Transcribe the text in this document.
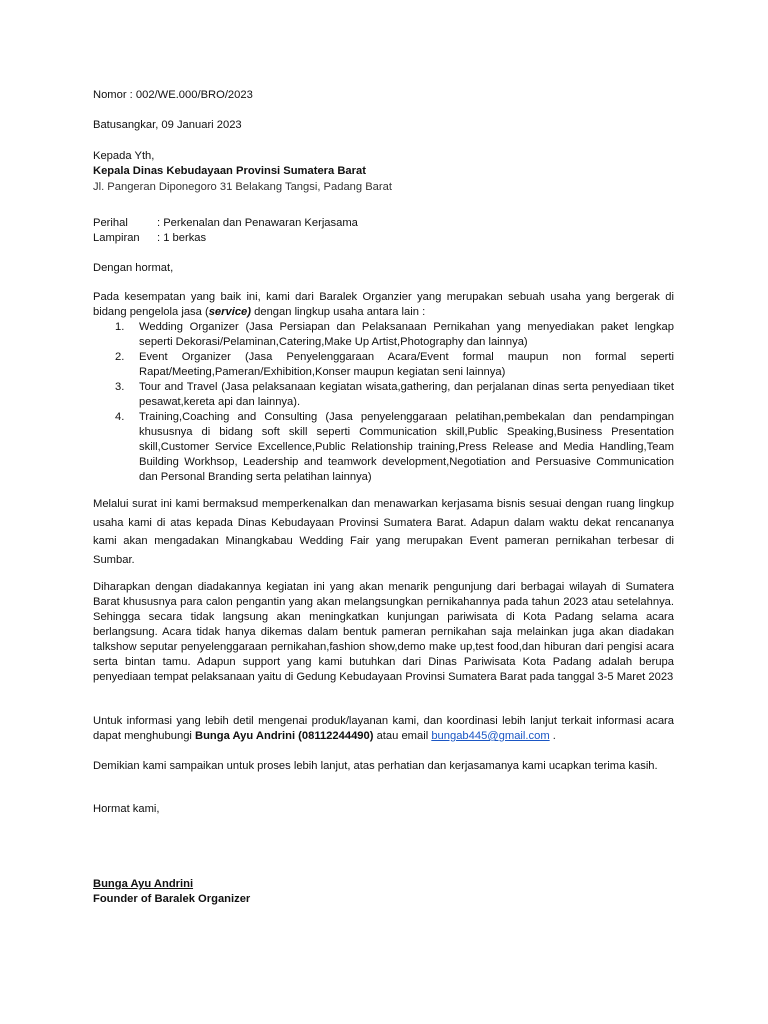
Nomor : 002/WE.000/BRO/2023
Batusangkar, 09 Januari 2023
Kepada Yth,
Kepala Dinas Kebudayaan Provinsi Sumatera Barat
Jl. Pangeran Diponegoro 31 Belakang Tangsi, Padang Barat
Perihal	: Perkenalan dan Penawaran Kerjasama
Lampiran	: 1 berkas
Dengan hormat,
Pada kesempatan yang baik ini, kami dari Baralek Organzier yang merupakan sebuah usaha yang bergerak di bidang pengelola jasa (service) dengan lingkup usaha antara lain :
1.	Wedding Organizer (Jasa Persiapan dan Pelaksanaan Pernikahan yang menyediakan paket lengkap seperti Dekorasi/Pelaminan,Catering,Make Up Artist,Photography dan lainnya)
2.	Event Organizer (Jasa Penyelenggaraan Acara/Event formal maupun non formal seperti Rapat/Meeting,Pameran/Exhibition,Konser maupun kegiatan seni lainnya)
3.	Tour and Travel (Jasa pelaksanaan kegiatan wisata,gathering, dan perjalanan dinas serta penyediaan tiket pesawat,kereta api dan lainnya).
4.	Training,Coaching and Consulting (Jasa penyelenggaraan pelatihan,pembekalan dan pendampingan khususnya di bidang soft skill seperti Communication skill,Public Speaking,Business Presentation skill,Customer Service Excellence,Public Relationship training,Press Release and Media Handling,Team Building Workhsop, Leadership and teamwork development,Negotiation and Persuasive Communication dan Personal Branding serta pelatihan lainnya)
Melalui surat ini kami bermaksud memperkenalkan dan menawarkan kerjasama bisnis sesuai dengan ruang lingkup usaha kami di atas kepada Dinas Kebudayaan Provinsi Sumatera Barat. Adapun dalam waktu dekat rencananya kami akan mengadakan Minangkabau Wedding Fair yang merupakan Event pameran pernikahan terbesar di Sumbar.
Diharapkan dengan diadakannya kegiatan ini yang akan menarik pengunjung dari berbagai wilayah di Sumatera Barat khususnya para calon pengantin yang akan melangsungkan pernikahannya pada tahun 2023 atau setelahnya. Sehingga secara tidak langsung akan meningkatkan kunjungan pariwisata di Kota Padang selama acara berlangsung. Acara tidak hanya dikemas dalam bentuk pameran pernikahan saja melainkan juga akan diadakan talkshow seputar penyelenggaraan pernikahan,fashion show,demo make up,test food,dan hiburan dari pengisi acara serta bintan tamu. Adapun support yang kami butuhkan dari Dinas Pariwisata Kota Padang adalah berupa penyediaan tempat pelaksanaan yaitu di Gedung Kebudayaan Provinsi Sumatera Barat pada tanggal 3-5 Maret 2023
Untuk informasi yang lebih detil mengenai produk/layanan kami, dan koordinasi lebih lanjut terkait informasi acara dapat menghubungi Bunga Ayu Andrini (08112244490) atau email bungab445@gmail.com .
Demikian kami sampaikan untuk proses lebih lanjut, atas perhatian dan kerjasamanya kami ucapkan terima kasih.
Hormat kami,
Bunga Ayu Andrini
Founder of Baralek Organizer
